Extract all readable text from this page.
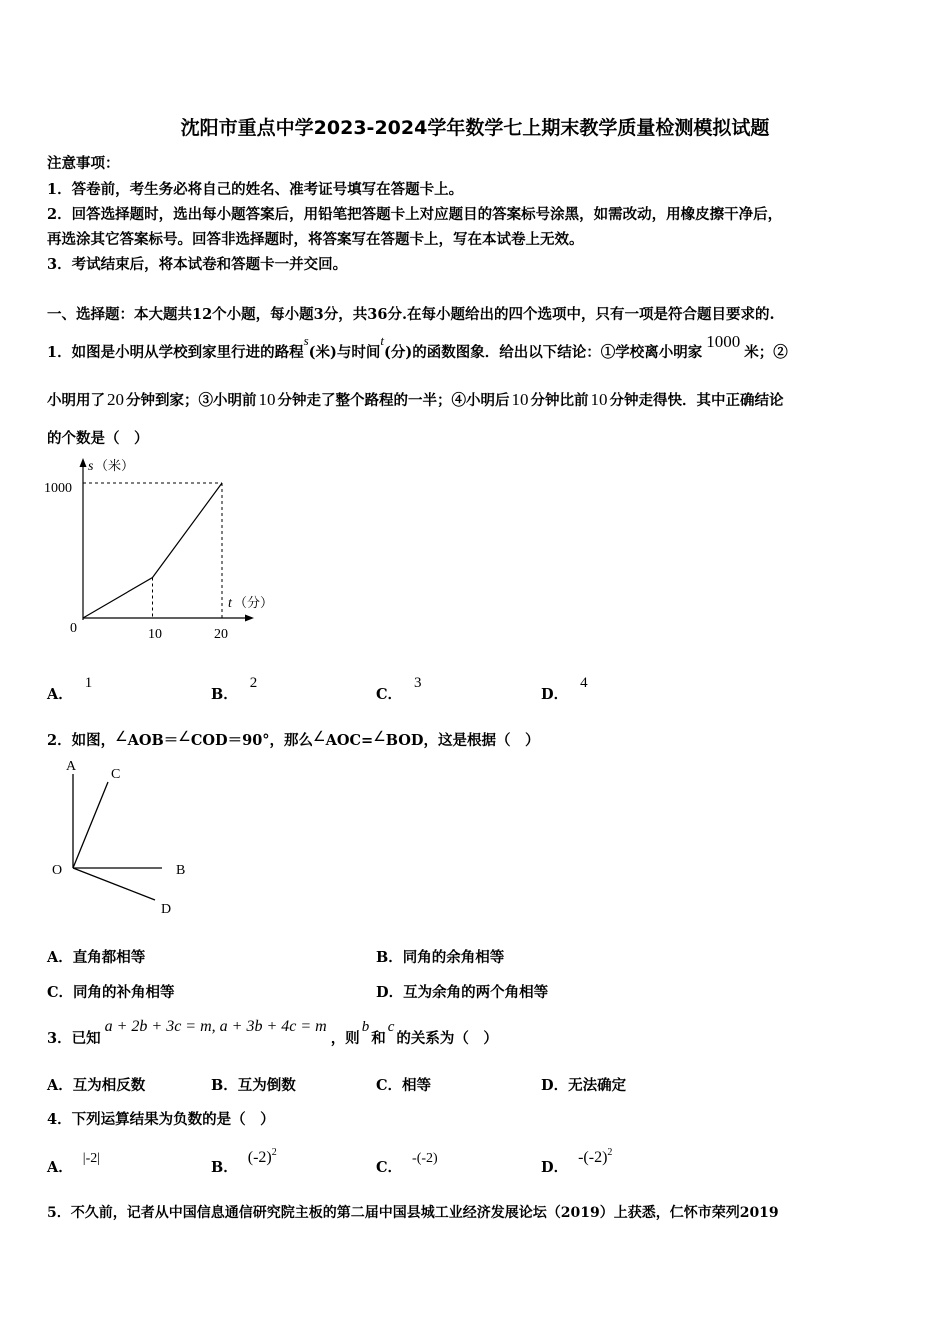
沈阳市重点中学2023-2024学年数学七上期末教学质量检测模拟试题
注意事项：
1．答卷前，考生务必将自己的姓名、准考证号填写在答题卡上。
2．回答选择题时，选出每小题答案后，用铅笔把答题卡上对应题目的答案标号涂黑，如需改动，用橡皮擦干净后，
再选涂其它答案标号。回答非选择题时，将答案写在答题卡上，写在本试卷上无效。
3．考试结束后，将本试卷和答题卡一并交回。
一、选择题：本大题共12个小题，每小题3分，共36分.在每小题给出的四个选项中，只有一项是符合题目要求的.
1．如图是小明从学校到家里行进的路程s(米)与时间t(分)的函数图象．给出以下结论：①学校离小明家1000米；②
小明用了 20 分钟到家；③小明前 10 分钟走了整个路程的一半；④小明后 10 分钟比前 10 分钟走得快．其中正确结论
的个数是（　）
s （米）
t （分）
0
1000
10	20
A．1
B．2
C．3
D．4
2．如图，∠AOB＝∠COD＝90°，那么∠AOC=∠BOD，这是根据（　）
A
C
O	B
D
A．直角都相等	B．同角的余角相等
C．同角的补角相等	D．互为余角的两个角相等
3．已知a + 2b + 3c = m, a + 3b + 4c = m，则b和c的关系为（　）
A．互为相反数	B．互为倒数	C．相等	D．无法确定
4．下列运算结果为负数的是（　）
A．|-2|
B．$(-2)^2$
C．-(-2)
D．$-(-2)^2$
5．不久前，记者从中国信息通信研究院主板的第二届中国县城工业经济发展论坛（2019）上获悉，仁怀市荣列2019
